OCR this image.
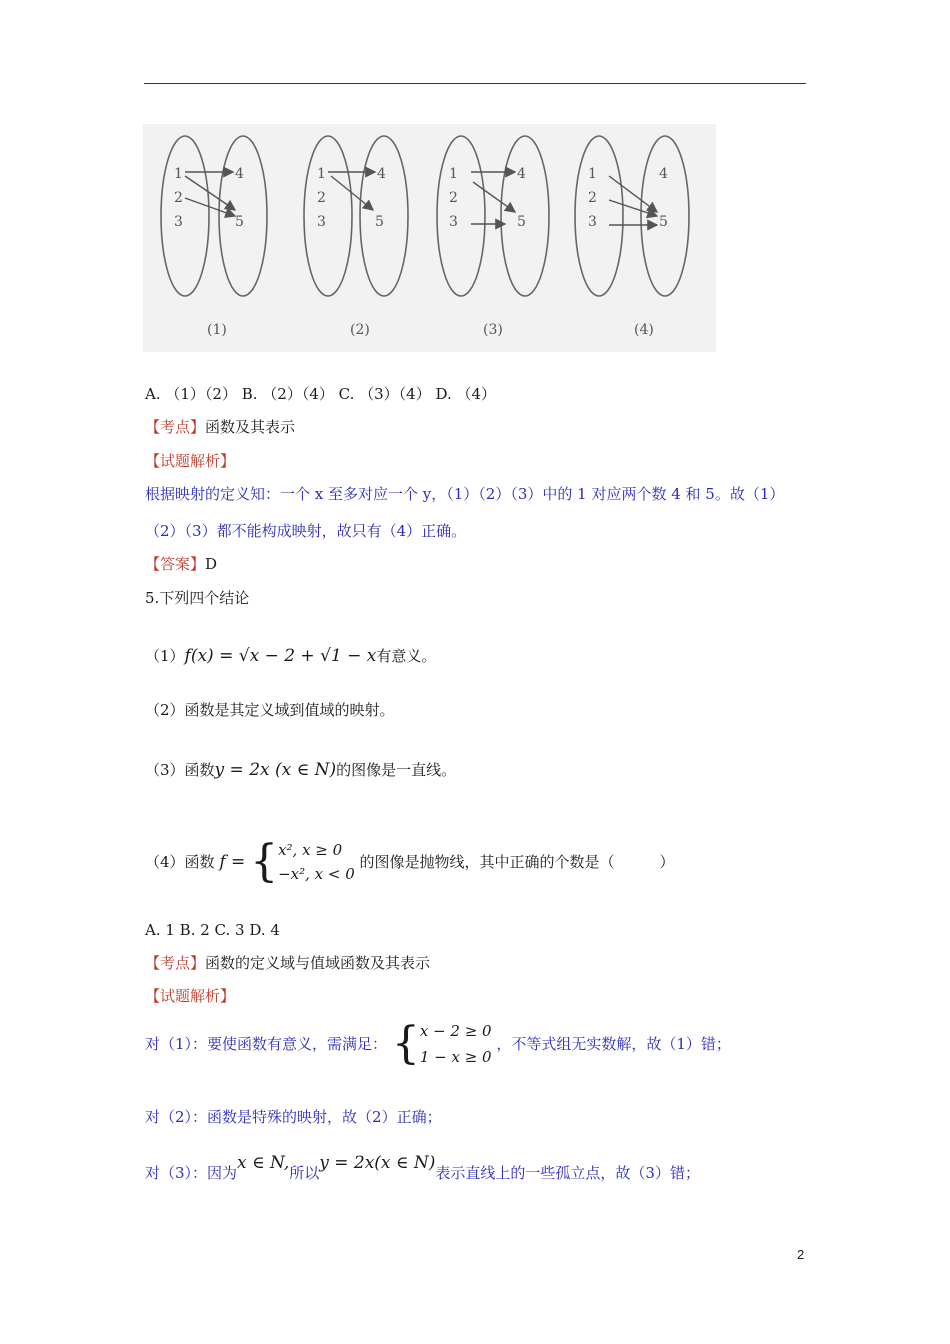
1
2
3
4
5
(1)
1
2
3
4
5
(2)
1
2
3
4
5
(3)
1
2
3
4
5
(4)
A. （1）（2） B. （2）（4） C. （3）（4） D. （4）
【考点】函数及其表示
【试题解析】
根据映射的定义知：一个 x 至多对应一个 y，（1）（2）（3）中的 1 对应两个数 4 和 5。故（1）
（2）（3）都不能构成映射，故只有（4）正确。
【答案】D
5.下列四个结论
（1）f(x) = √x − 2 + √1 − x有意义。
（2）函数是其定义域到值域的映射。
（3）函数y = 2x (x ∈ N)的图像是一直线。
（4）函数 f = { x², x ≥ 0
−x², x < 0
的图像是抛物线，其中正确的个数是（　　　）
A. 1 B. 2 C. 3 D. 4
【考点】函数的定义域与值域函数及其表示
【试题解析】
对（1）：要使函数有意义，需满足： { x − 2 ≥ 0
1 − x ≥ 0
，不等式组无实数解，故（1）错；
对（2）：函数是特殊的映射，故（2）正确；
对（3）：因为x ∈ N,所以y = 2x(x ∈ N)表示直线上的一些孤立点，故（3）错；
2
